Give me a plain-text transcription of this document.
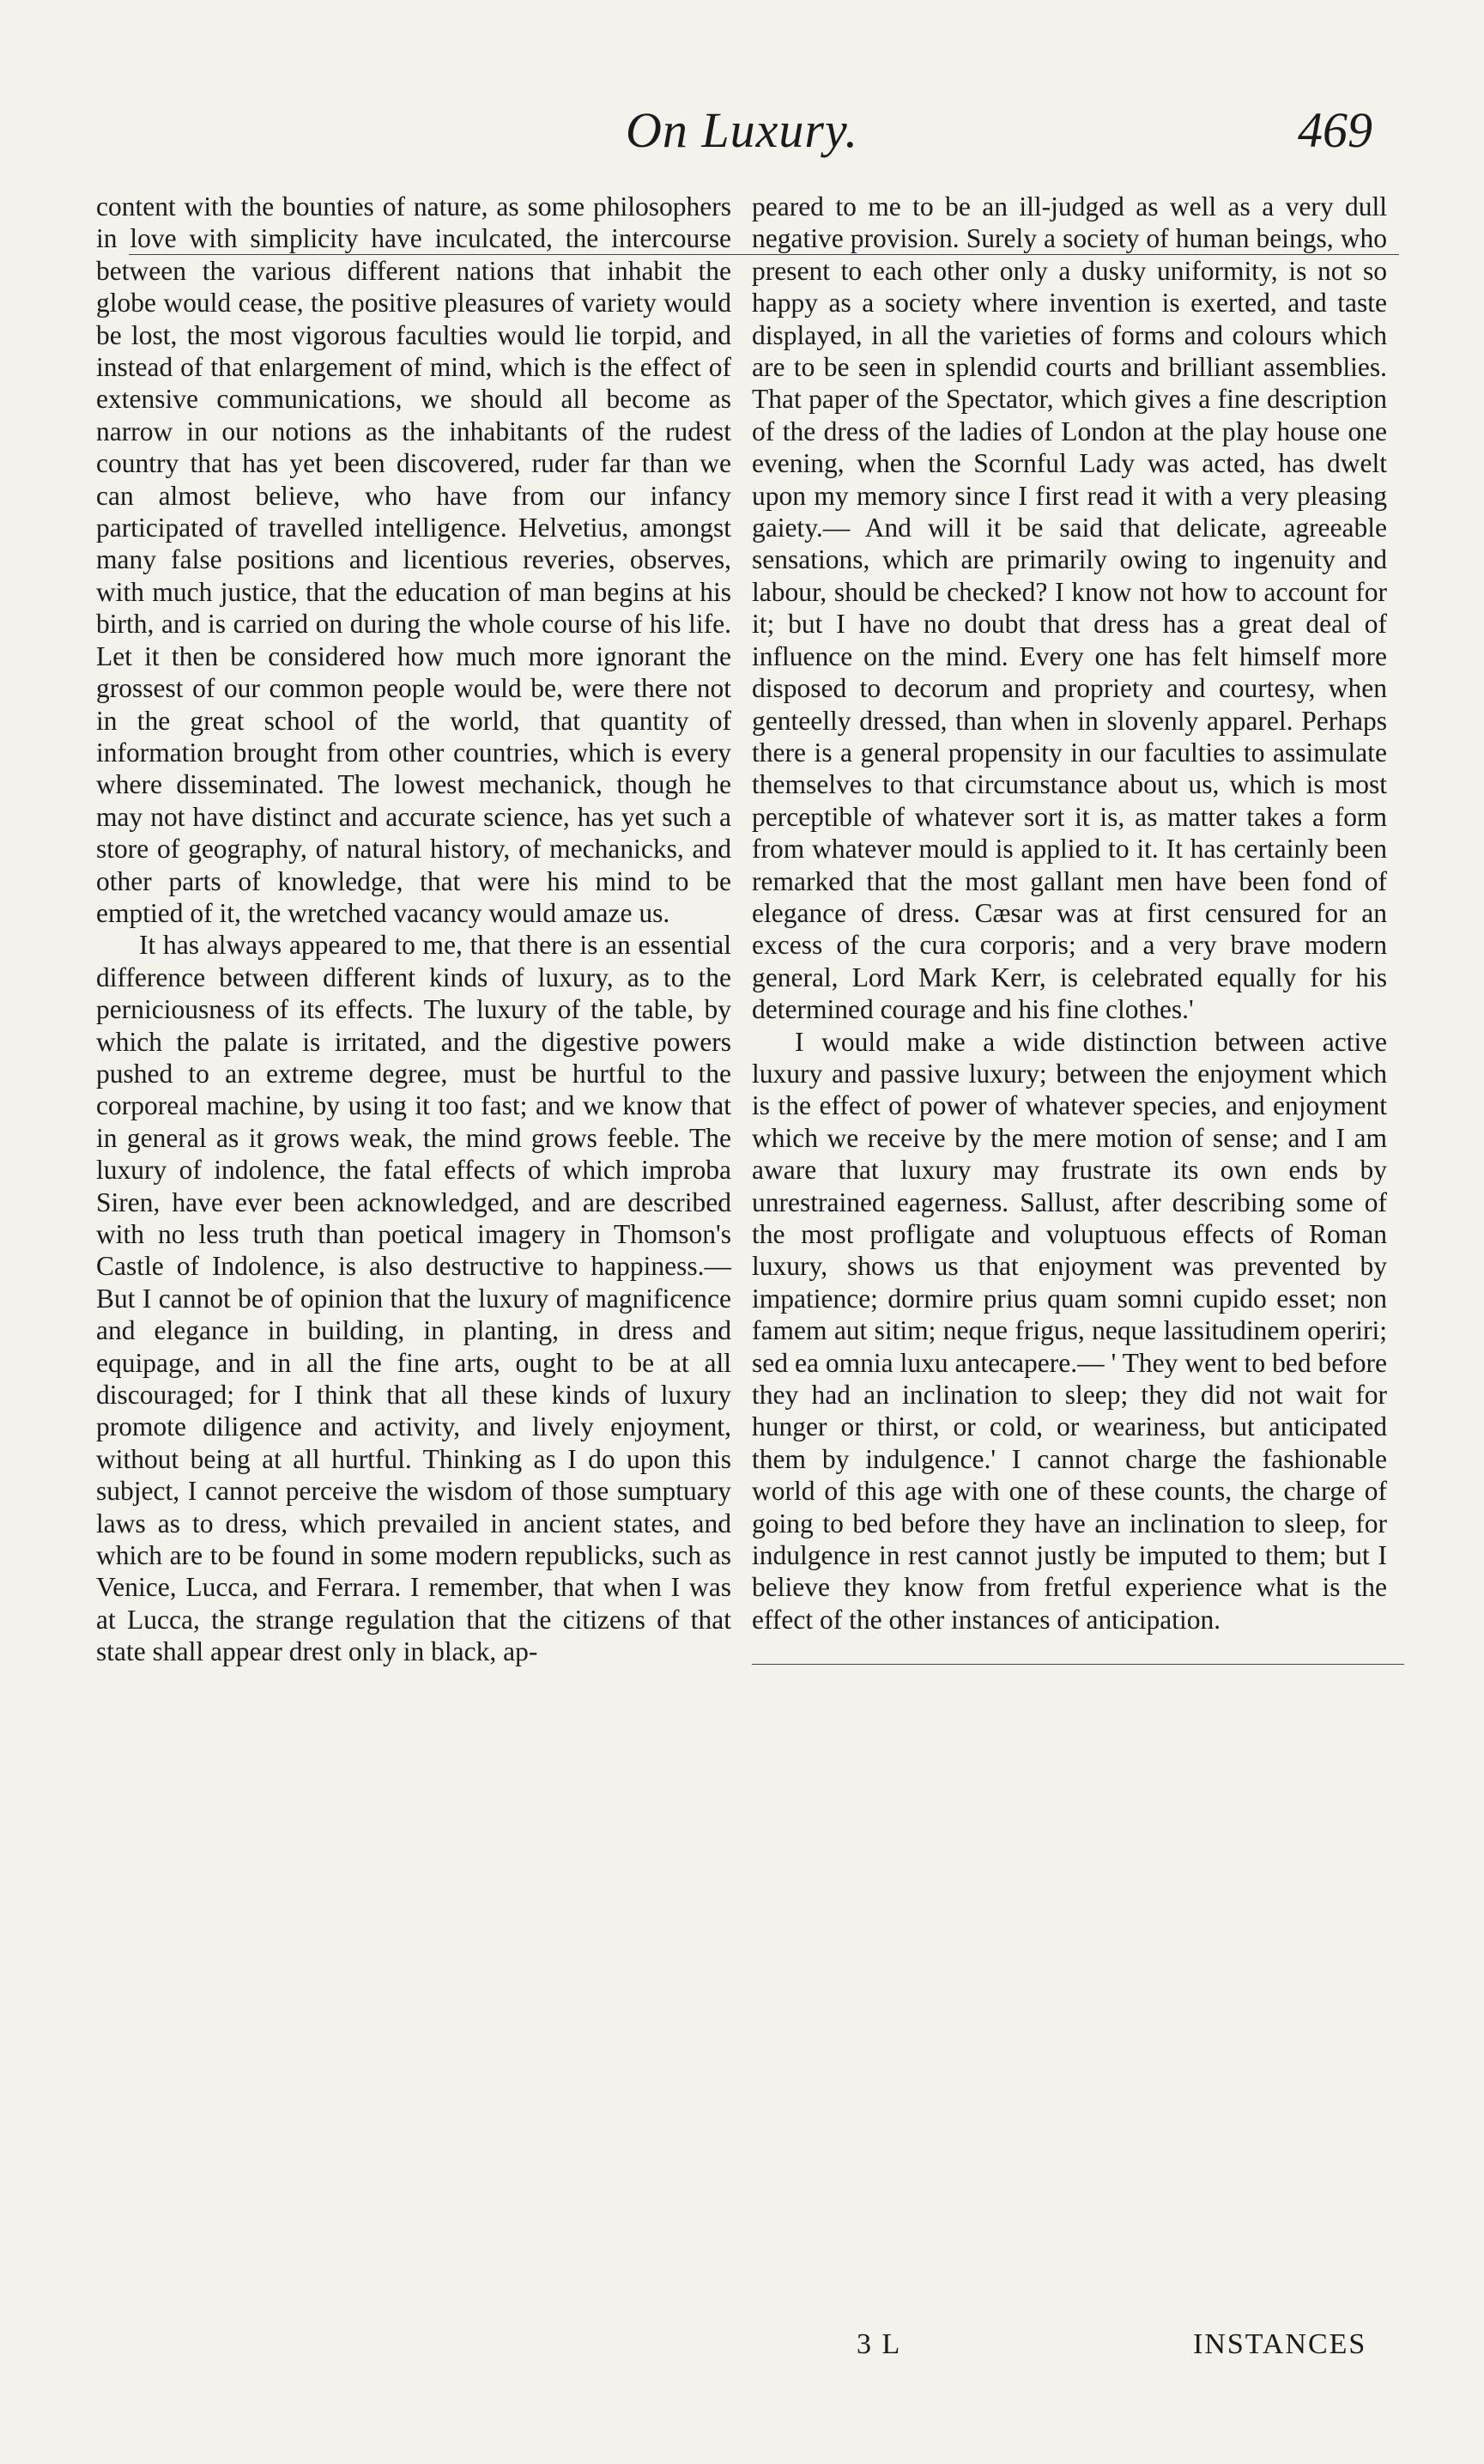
On Luxury.	469

content with the bounties of nature, as some philosophers in love with simplicity have inculcated, the intercourse between the various different nations that inhabit the globe would cease, the positive pleasures of variety would be lost, the most vigorous faculties would lie torpid, and instead of that enlargement of mind, which is the effect of extensive communications, we should all become as narrow in our notions as the inhabitants of the rudest country that has yet been discovered, ruder far than we can almost believe, who have from our infancy participated of travelled intelligence. Helvetius, amongst many false positions and licentious reveries, observes, with much justice, that the education of man begins at his birth, and is carried on during the whole course of his life. Let it then be considered how much more ignorant the grossest of our common people would be, were there not in the great school of the world, that quantity of information brought from other countries, which is every where disseminated. The lowest mechanick, though he may not have distinct and accurate science, has yet such a store of geography, of natural history, of mechanicks, and other parts of knowledge, that were his mind to be emptied of it, the wretched vacancy would amaze us.

It has always appeared to me, that there is an essential difference between different kinds of luxury, as to the perniciousness of its effects. The luxury of the table, by which the palate is irritated, and the digestive powers pushed to an extreme degree, must be hurtful to the corporeal machine, by using it too fast; and we know that in general as it grows weak, the mind grows feeble. The luxury of indolence, the fatal effects of which improba Siren, have ever been acknowledged, and are described with no less truth than poetical imagery in Thomson's Castle of Indolence, is also destructive to happiness.— But I cannot be of opinion that the luxury of magnificence and elegance in building, in planting, in dress and equipage, and in all the fine arts, ought to be at all discouraged; for I think that all these kinds of luxury promote diligence and activity, and lively enjoyment, without being at all hurtful. Thinking as I do upon this subject, I cannot perceive the wisdom of those sumptuary laws as to dress, which prevailed in ancient states, and which are to be found in some modern republicks, such as Venice, Lucca, and Ferrara. I remember, that when I was at Lucca, the strange regulation that the citizens of that state shall appear drest only in black, ap-

peared to me to be an ill-judged as well as a very dull negative provision. Surely a society of human beings, who present to each other only a dusky uniformity, is not so happy as a society where invention is exerted, and taste displayed, in all the varieties of forms and colours which are to be seen in splendid courts and brilliant assemblies. That paper of the Spectator, which gives a fine description of the dress of the ladies of London at the play house one evening, when the Scornful Lady was acted, has dwelt upon my memory since I first read it with a very pleasing gaiety.— And will it be said that delicate, agreeable sensations, which are primarily owing to ingenuity and labour, should be checked? I know not how to account for it; but I have no doubt that dress has a great deal of influence on the mind. Every one has felt himself more disposed to decorum and propriety and courtesy, when genteelly dressed, than when in slovenly apparel. Perhaps there is a general propensity in our faculties to assimulate themselves to that circumstance about us, which is most perceptible of whatever sort it is, as matter takes a form from whatever mould is applied to it. It has certainly been remarked that the most gallant men have been fond of elegance of dress. Cæsar was at first censured for an excess of the cura corporis; and a very brave modern general, Lord Mark Kerr, is celebrated equally for his determined courage and his fine clothes.'

I would make a wide distinction between active luxury and passive luxury; between the enjoyment which is the effect of power of whatever species, and enjoyment which we receive by the mere motion of sense; and I am aware that luxury may frustrate its own ends by unrestrained eagerness. Sallust, after describing some of the most profligate and voluptuous effects of Roman luxury, shows us that enjoyment was prevented by impatience; dormire prius quam somni cupido esset; non famem aut sitim; neque frigus, neque lassitudinem operiri; sed ea omnia luxu antecapere.— ' They went to bed before they had an inclination to sleep; they did not wait for hunger or thirst, or cold, or weariness, but anticipated them by indulgence.' I cannot charge the fashionable world of this age with one of these counts, the charge of going to bed before they have an inclination to sleep, for indulgence in rest cannot justly be imputed to them; but I believe they know from fretful experience what is the effect of the other instances of anticipation.

3 L	INSTANCES
